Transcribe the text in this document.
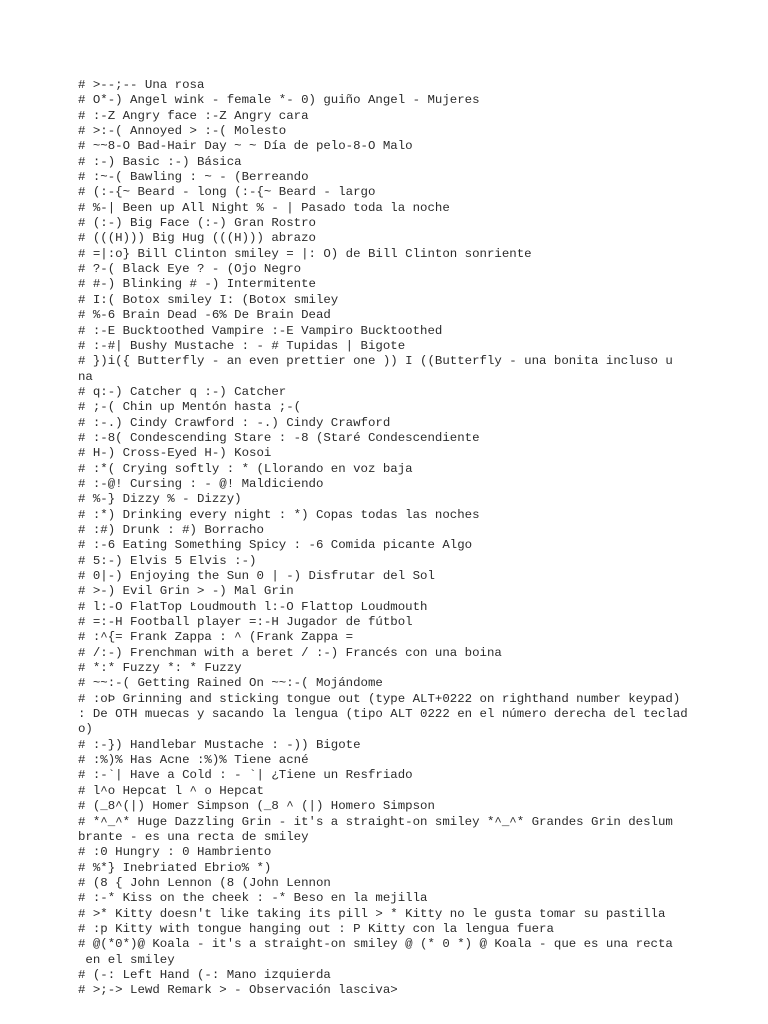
# >--;-- Una rosa
# O*-) Angel wink - female *- 0) guiño Angel - Mujeres
# :-Z Angry face :-Z Angry cara
# >:-( Annoyed > :-( Molesto
# ~~8-O Bad-Hair Day ~ ~ Día de pelo-8-O Malo
# :-) Basic :-) Básica
# :~-( Bawling : ~ - (Berreando
# (:-{~ Beard - long (:-{~ Beard - largo
# %-| Been up All Night % - | Pasado toda la noche
# (:-) Big Face (:-) Gran Rostro
# (((H))) Big Hug (((H))) abrazo
# =|:o} Bill Clinton smiley = |: O) de Bill Clinton sonriente
# ?-( Black Eye ? - (Ojo Negro
# #-) Blinking # -) Intermitente
# I:( Botox smiley I: (Botox smiley
# %-6 Brain Dead -6% De Brain Dead
# :-E Bucktoothed Vampire :-E Vampiro Bucktoothed
# :-#| Bushy Mustache : - # Tupidas | Bigote
# })i({ Butterfly - an even prettier one )) I ((Butterfly - una bonita incluso u
na
# q:-) Catcher q :-) Catcher
# ;-( Chin up Mentón hasta ;-(
# :-.) Cindy Crawford : -.) Cindy Crawford
# :-8( Condescending Stare : -8 (Staré Condescendiente
# H-) Cross-Eyed H-) Kosoi
# :*( Crying softly : * (Llorando en voz baja
# :-@! Cursing : - @! Maldiciendo
# %-} Dizzy % - Dizzy)
# :*) Drinking every night : *) Copas todas las noches
# :#) Drunk : #) Borracho
# :-6 Eating Something Spicy : -6 Comida picante Algo
# 5:-) Elvis 5 Elvis :-)
# 0|-) Enjoying the Sun 0 | -) Disfrutar del Sol
# >-) Evil Grin > -) Mal Grin
# l:-O FlatTop Loudmouth l:-O Flattop Loudmouth
# =:-H Football player =:-H Jugador de fútbol
# :^{= Frank Zappa : ^ (Frank Zappa =
# /:-) Frenchman with a beret / :-) Francés con una boina
# *:* Fuzzy *: * Fuzzy
# ~~:-( Getting Rained On ~~:-( Mojándome
# :oÞ Grinning and sticking tongue out (type ALT+0222 on righthand number keypad)
: De OTH muecas y sacando la lengua (tipo ALT 0222 en el número derecha del teclad
o)
# :-}) Handlebar Mustache : -)) Bigote
# :%)% Has Acne :%)% Tiene acné
# :-`| Have a Cold : - `| ¿Tiene un Resfriado
# l^o Hepcat l ^ o Hepcat
# (_8^(|) Homer Simpson (_8 ^ (|) Homero Simpson
# *^_^* Huge Dazzling Grin - it's a straight-on smiley *^_^* Grandes Grin deslum
brante - es una recta de smiley
# :0 Hungry : 0 Hambriento
# %*} Inebriated Ebrio% *)
# (8 { John Lennon (8 (John Lennon
# :-* Kiss on the cheek : -* Beso en la mejilla
# >* Kitty doesn't like taking its pill > * Kitty no le gusta tomar su pastilla
# :p Kitty with tongue hanging out : P Kitty con la lengua fuera
# @(*0*)@ Koala - it's a straight-on smiley @ (* 0 *) @ Koala - que es una recta
en el smiley
# (-: Left Hand (-: Mano izquierda
# >;-> Lewd Remark > - Observación lasciva>
